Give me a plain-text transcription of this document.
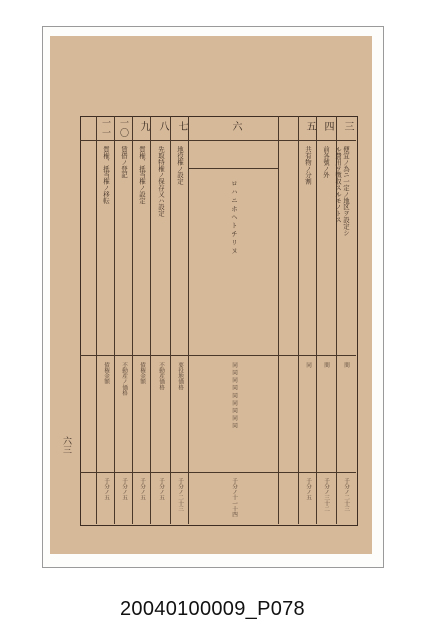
三
四
五
六
七
八
九
一〇
一一
便宜ノ為ニ一定ノ地区ヲ設定シ
ル費用ヲ徴収スルモノトス
前各號ノ外
共有物ノ分割
ロハニホヘトチリヌ
地役権ノ設定
先取特権ノ保存又ハ設定
質権、抵当権ノ設定
賃借ノ登記
質権、抵当権ノ移転
間
間
同
同同同同同同同同同
要役地価格
不動産価格
債権金額
不動産ノ価格
債権金額
千分ノ二十三
千分ノ三十二
千分ノ五
千分ノ十一十四
千分ノ二十三
千分ノ五
千分ノ五
千分ノ五
千分ノ五
六三
20040100009_P078
